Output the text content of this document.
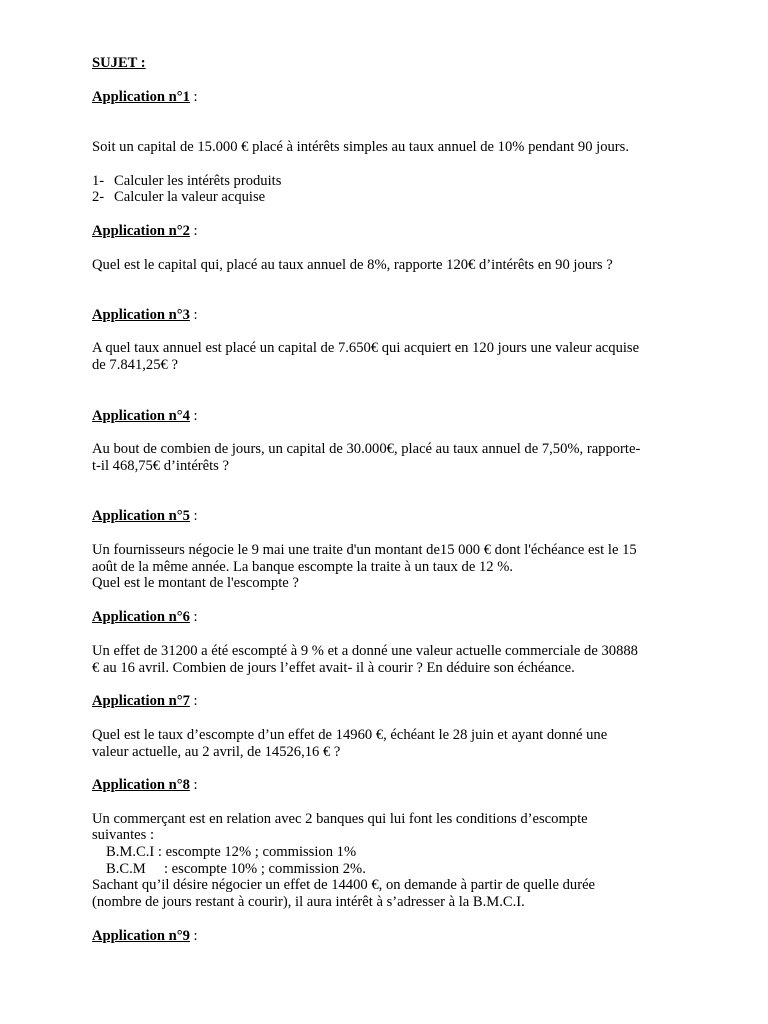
SUJET :
Application n°1 :
Soit un capital de 15.000 € placé à intérêts simples au taux annuel de 10% pendant 90 jours.
1- Calculer les intérêts produits
2- Calculer la valeur acquise
Application n°2 :
Quel est le capital qui, placé au taux annuel de 8%, rapporte 120€ d’intérêts en 90 jours ?
Application n°3 :
A quel taux annuel est placé un capital de 7.650€ qui acquiert en 120 jours une valeur acquise
de 7.841,25€ ?
Application n°4 :
Au bout de combien de jours, un capital de 30.000€, placé au taux annuel de 7,50%, rapporte-
t-il 468,75€ d’intérêts ?
Application n°5 :
Un fournisseurs négocie le 9 mai une traite d'un montant de15 000 € dont l'échéance est le 15
août de la même année. La banque escompte la traite à un taux de 12 %.
Quel est le montant de l'escompte ?
Application n°6 :
Un effet de 31200 a été escompté à 9 % et a donné une valeur actuelle commerciale de 30888
€ au 16 avril. Combien de jours l’effet avait- il à courir ? En déduire son échéance.
Application n°7 :
Quel est le taux d’escompte d’un effet de 14960 €, échéant le 28 juin et ayant donné une
valeur actuelle, au 2 avril, de 14526,16 € ?
Application n°8 :
Un commerçant est en relation avec 2 banques qui lui font les conditions d’escompte
suivantes :
B.M.C.I : escompte 12% ; commission 1%
B.C.M     : escompte 10% ; commission 2%.
Sachant qu’il désire négocier un effet de 14400 €, on demande à partir de quelle durée
(nombre de jours restant à courir), il aura intérêt à s’adresser à la B.M.C.I.
Application n°9 :
